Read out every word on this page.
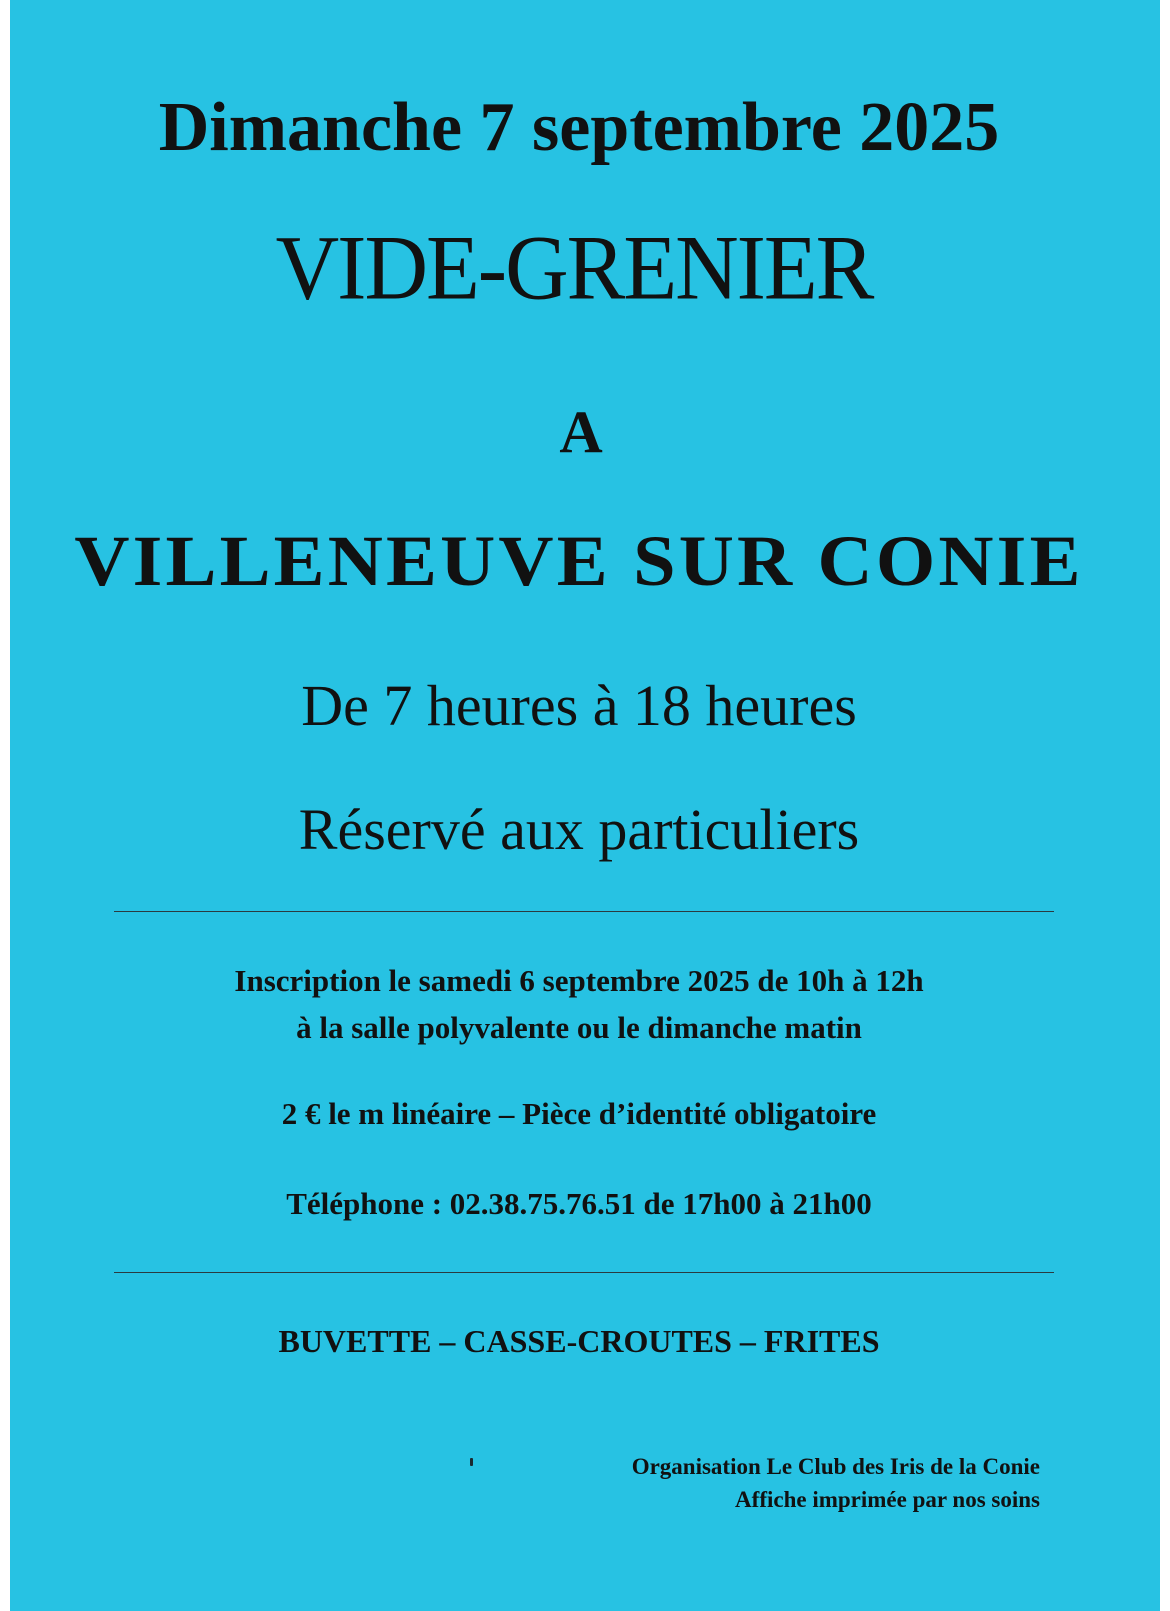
Dimanche 7 septembre 2025

VIDE-GRENIER

A

VILLENEUVE SUR CONIE

De 7 heures à 18 heures

Réservé aux particuliers

Inscription le samedi 6 septembre 2025 de 10h à 12h

à la salle polyvalente ou le dimanche matin

2 € le m linéaire – Pièce d’identité obligatoire

Téléphone : 02.38.75.76.51 de 17h00 à 21h00

BUVETTE – CASSE-CROUTES – FRITES

Organisation Le Club des Iris de la Conie

Affiche imprimée par nos soins
